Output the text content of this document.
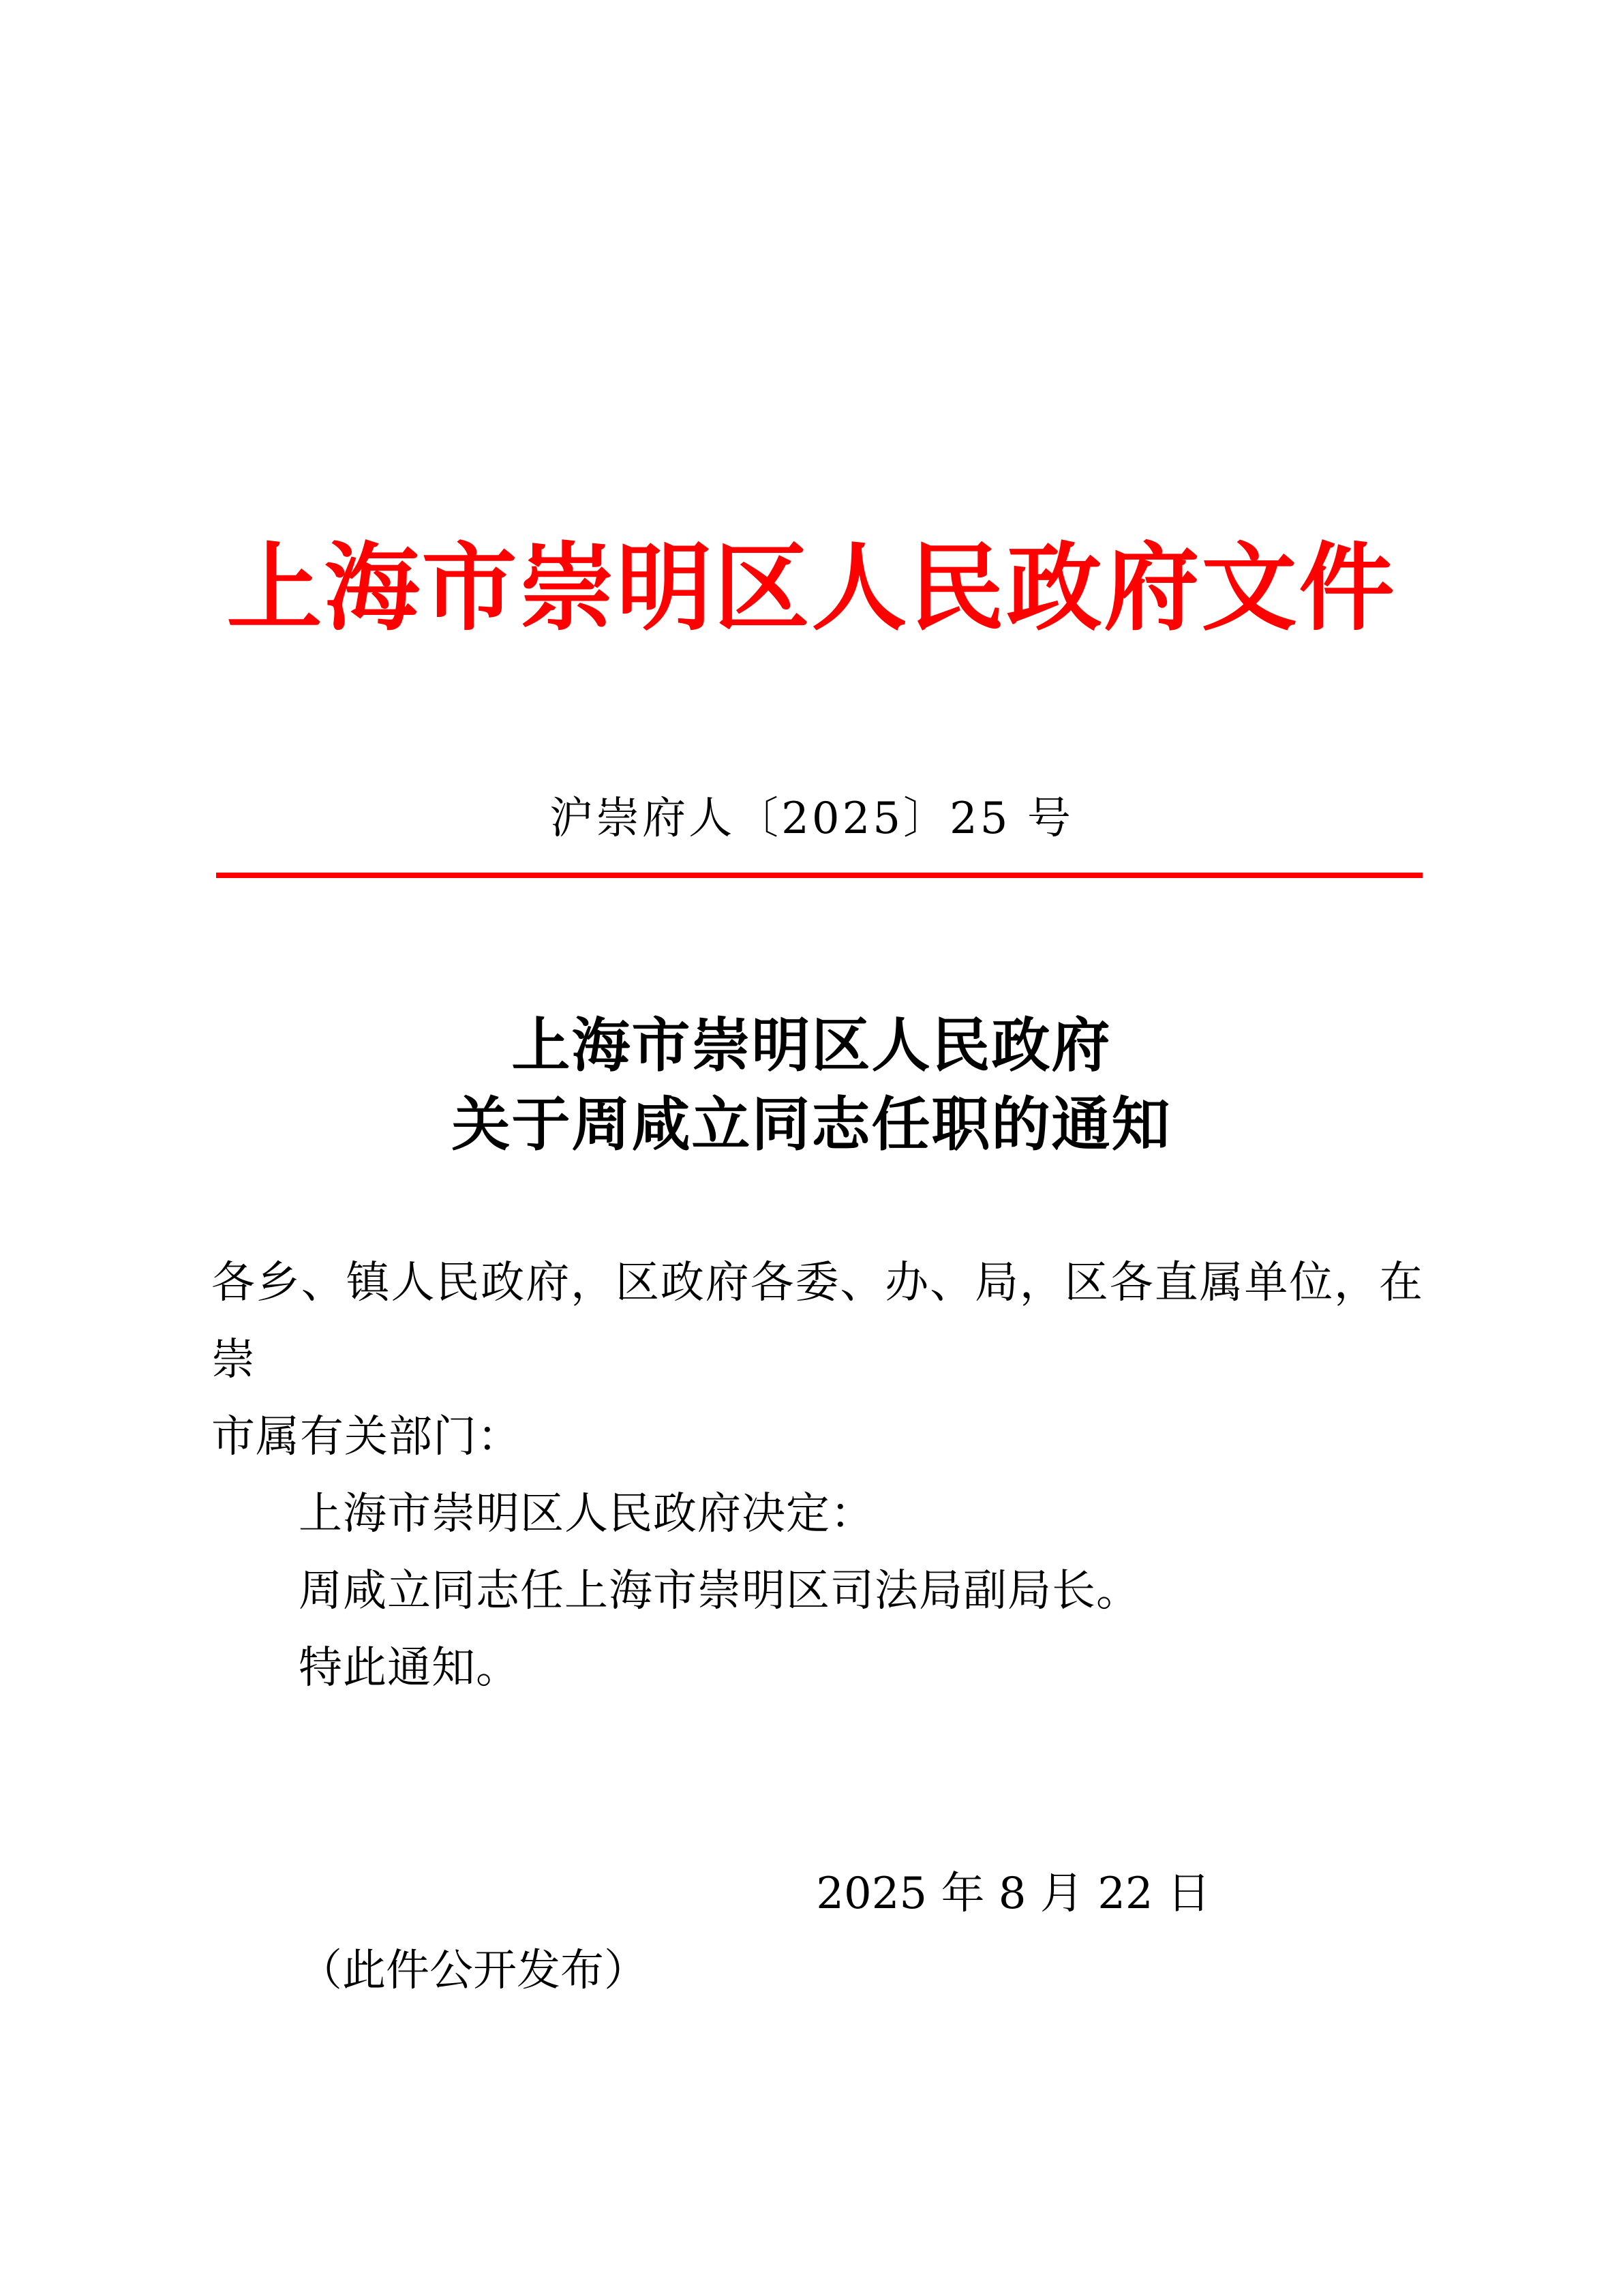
上海市崇明区人民政府文件
沪崇府人〔2025〕25 号
上海市崇明区人民政府
关于周咸立同志任职的通知
各乡、镇人民政府，区政府各委、办、局，区各直属单位，在崇
市属有关部门：
上海市崇明区人民政府决定：
周咸立同志任上海市崇明区司法局副局长。
特此通知。
2025 年 8 月 22 日
（此件公开发布）
